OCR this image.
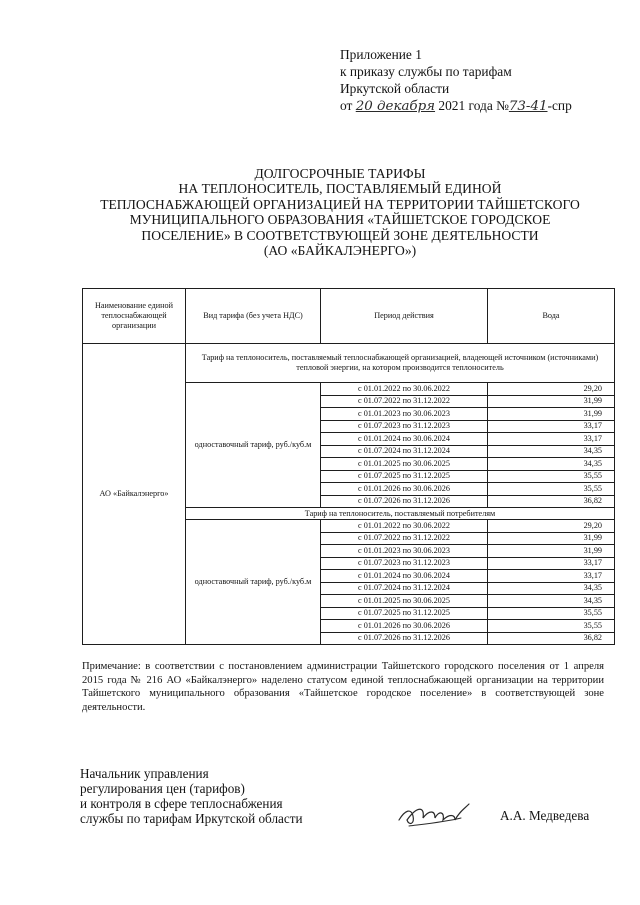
Приложение 1
к приказу службы по тарифам
Иркутской области
от 20 декабря 2021 года №73-41-спр
ДОЛГОСРОЧНЫЕ ТАРИФЫ
НА ТЕПЛОНОСИТЕЛЬ, ПОСТАВЛЯЕМЫЙ ЕДИНОЙ
ТЕПЛОСНАБЖАЮЩЕЙ ОРГАНИЗАЦИЕЙ НА ТЕРРИТОРИИ ТАЙШЕТСКОГО
МУНИЦИПАЛЬНОГО ОБРАЗОВАНИЯ «ТАЙШЕТСКОЕ ГОРОДСКОЕ
ПОСЕЛЕНИЕ» В СООТВЕТСТВУЮЩЕЙ ЗОНЕ ДЕЯТЕЛЬНОСТИ
(АО «БАЙКАЛЭНЕРГО»)
Наименование единой теплоснабжающей организации	Вид тарифа (без учета НДС)	Период действия	Вода
АО «Байкалэнерго»	Тариф на теплоноситель, поставляемый теплоснабжающей организацией, владеющей источником (источниками) тепловой энергии, на котором производится теплоноситель		
	одноставочный тариф, руб./куб.м	с 01.01.2022 по 30.06.2022	29,20
		с 01.07.2022 по 31.12.2022	31,99
		с 01.01.2023 по 30.06.2023	31,99
		с 01.07.2023 по 31.12.2023	33,17
		с 01.01.2024 по 30.06.2024	33,17
		с 01.07.2024 по 31.12.2024	34,35
		с 01.01.2025 по 30.06.2025	34,35
		с 01.07.2025 по 31.12.2025	35,55
		с 01.01.2026 по 30.06.2026	35,55
		с 01.07.2026 по 31.12.2026	36,82
	Тариф на теплоноситель, поставляемый потребителям		
	одноставочный тариф, руб./куб.м	с 01.01.2022 по 30.06.2022	29,20
		с 01.07.2022 по 31.12.2022	31,99
		с 01.01.2023 по 30.06.2023	31,99
		с 01.07.2023 по 31.12.2023	33,17
		с 01.01.2024 по 30.06.2024	33,17
		с 01.07.2024 по 31.12.2024	34,35
		с 01.01.2025 по 30.06.2025	34,35
		с 01.07.2025 по 31.12.2025	35,55
		с 01.01.2026 по 30.06.2026	35,55
		с 01.07.2026 по 31.12.2026	36,82
Примечание: в соответствии с постановлением администрации Тайшетского городского поселения от 1 апреля 2015 года № 216 АО «Байкалэнерго» наделено статусом единой теплоснабжающей организации на территории Тайшетского муниципального образования «Тайшетское городское поселение» в соответствующей зоне деятельности.
Начальник управления
регулирования цен (тарифов)
и контроля в сфере теплоснабжения
службы по тарифам Иркутской области	А.А. Медведева
